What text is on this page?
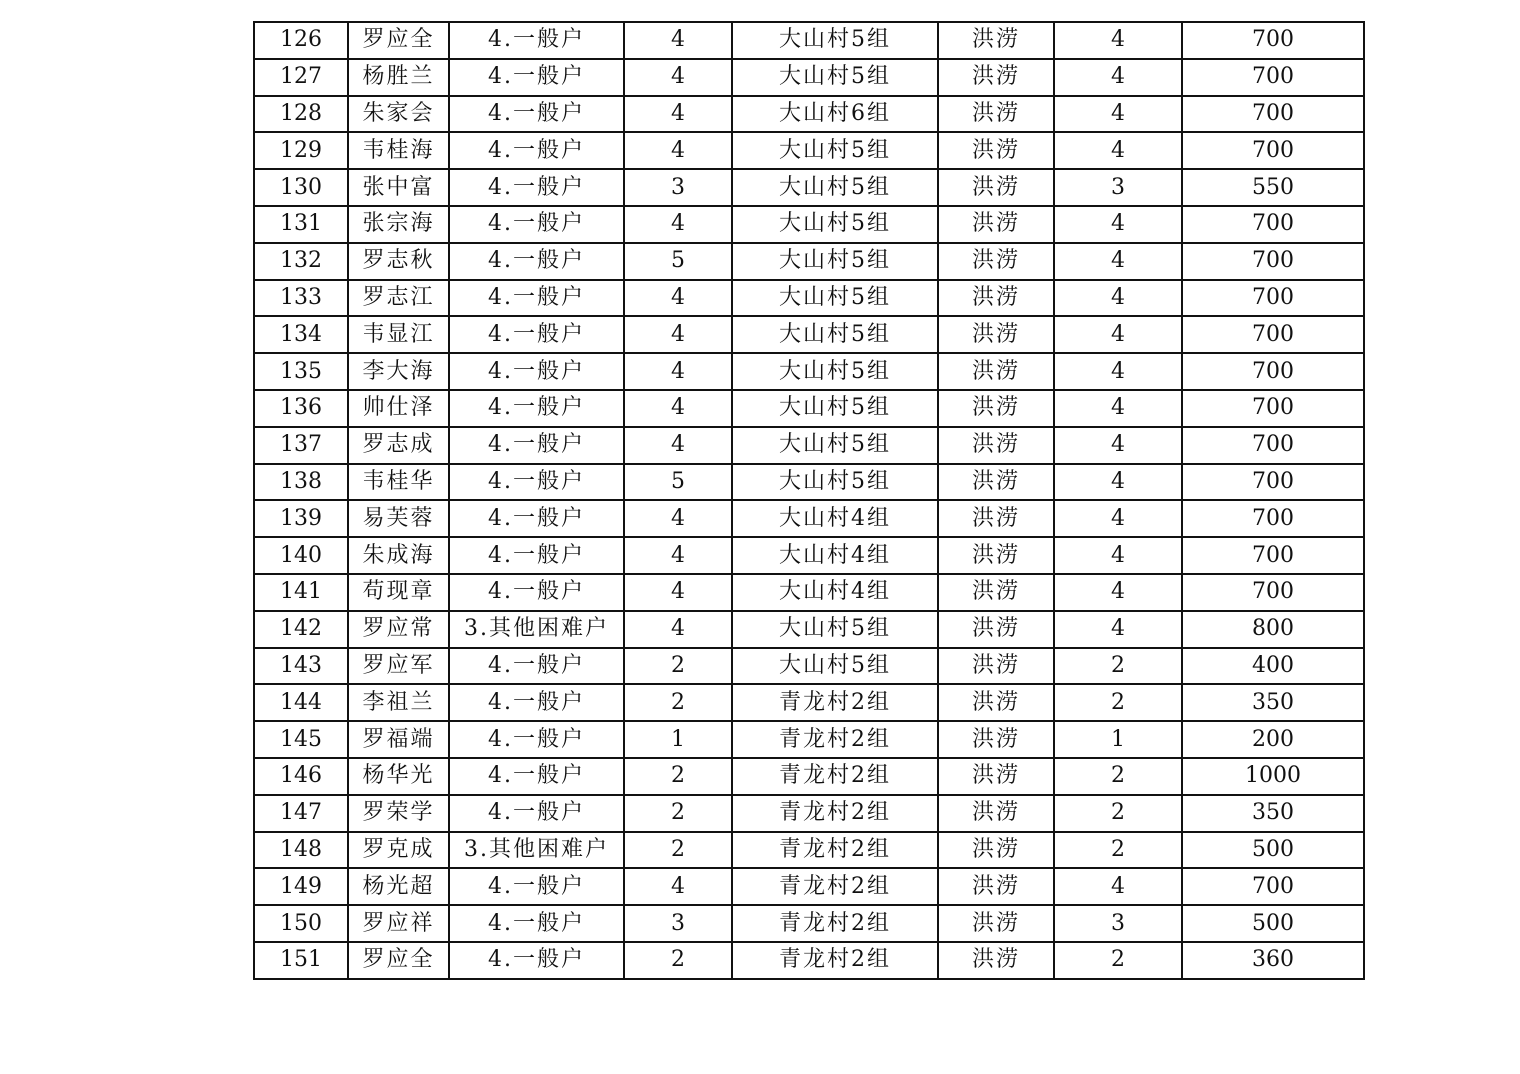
126	罗应全	4.一般户	4	大山村5组	洪涝	4	700
127	杨胜兰	4.一般户	4	大山村5组	洪涝	4	700
128	朱家会	4.一般户	4	大山村6组	洪涝	4	700
129	韦桂海	4.一般户	4	大山村5组	洪涝	4	700
130	张中富	4.一般户	3	大山村5组	洪涝	3	550
131	张宗海	4.一般户	4	大山村5组	洪涝	4	700
132	罗志秋	4.一般户	5	大山村5组	洪涝	4	700
133	罗志江	4.一般户	4	大山村5组	洪涝	4	700
134	韦显江	4.一般户	4	大山村5组	洪涝	4	700
135	李大海	4.一般户	4	大山村5组	洪涝	4	700
136	帅仕泽	4.一般户	4	大山村5组	洪涝	4	700
137	罗志成	4.一般户	4	大山村5组	洪涝	4	700
138	韦桂华	4.一般户	5	大山村5组	洪涝	4	700
139	易芙蓉	4.一般户	4	大山村4组	洪涝	4	700
140	朱成海	4.一般户	4	大山村4组	洪涝	4	700
141	苟现章	4.一般户	4	大山村4组	洪涝	4	700
142	罗应常	3.其他困难户	4	大山村5组	洪涝	4	800
143	罗应军	4.一般户	2	大山村5组	洪涝	2	400
144	李祖兰	4.一般户	2	青龙村2组	洪涝	2	350
145	罗福端	4.一般户	1	青龙村2组	洪涝	1	200
146	杨华光	4.一般户	2	青龙村2组	洪涝	2	1000
147	罗荣学	4.一般户	2	青龙村2组	洪涝	2	350
148	罗克成	3.其他困难户	2	青龙村2组	洪涝	2	500
149	杨光超	4.一般户	4	青龙村2组	洪涝	4	700
150	罗应祥	4.一般户	3	青龙村2组	洪涝	3	500
151	罗应全	4.一般户	2	青龙村2组	洪涝	2	360
